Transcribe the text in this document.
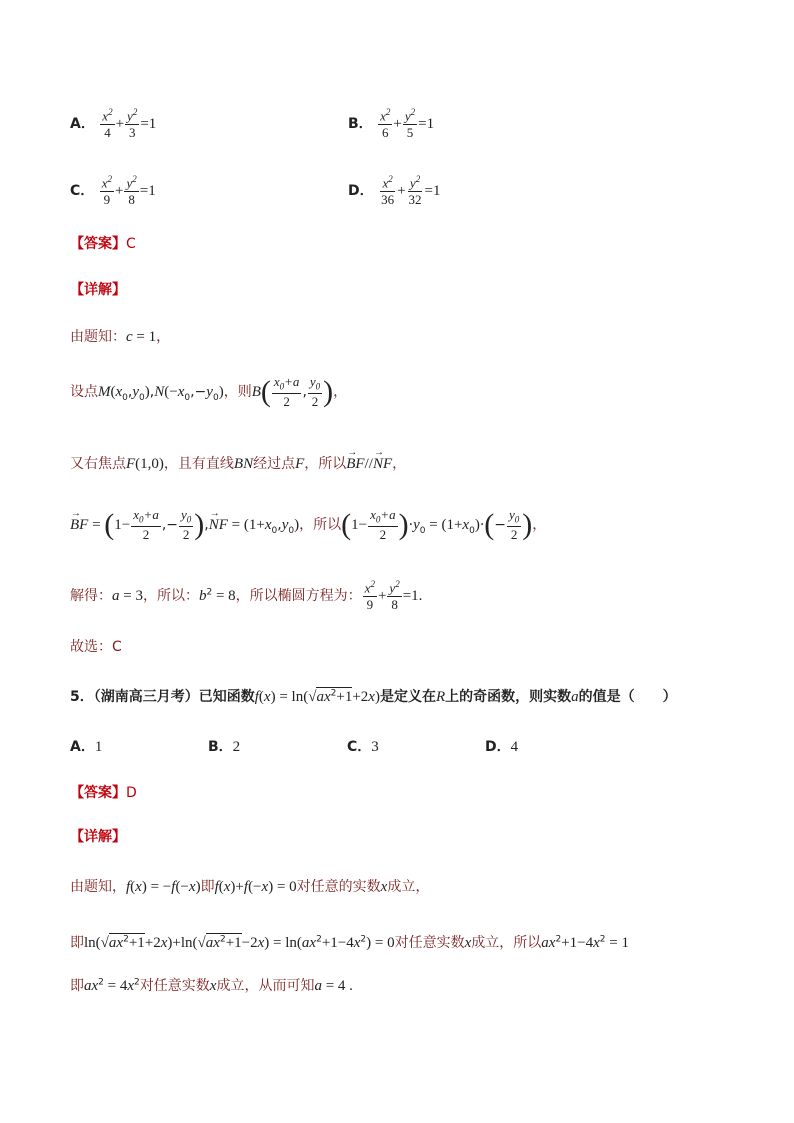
A． $\frac{x^2}{4} + \frac{y^2}{3} =1$	B． $\frac{x^2}{6} + \frac{y^2}{5} =1$
C． $\frac{x^2}{9} + \frac{y^2}{8} =1$	D． $\frac{x^2}{36} + \frac{y^2}{32} =1$
【答案】C
【详解】
由题知：c = 1，
设点$M(x_0,y_0),N(-x_0,-y_0)$，则$B( \frac{x_0+a}{2}$ , $\frac{y_0}{2}$ )，
又右焦点F(1,0)，且有直线BN经过点F，所以→ BF//→ NF，
→ BF = ($1- \frac{x_0+a}{2}$ ,− $\frac{y_0}{2}$ ),→ NF = $(1+x_0,y_0)$，所以$(1- \frac{x_0+a}{2} )\cdot y_0 = (1+x_0)\cdot(- \frac{y_0}{2}$ )，
解得：a = 3，所以：$b^2 = 8$，所以椭圆方程为： $\frac{x^2}{9} + \frac{y^2}{8} =1$.
故选：C
5．（湖南高三月考）已知函数$f(x) = \ln(√ax^2+1+2x)$是定义在R上的奇函数，则实数a的值是（　　）
A．1	B．2	C．3	D．4
【答案】D
【详解】
由题知，f(x) = −f(−x)即f(x)+f(−x) = 0对任意的实数x成立，
即$\ln(√ax^2+1+2x)+\ln(√ax^2+1-2x) = \ln(ax^2+1-4x^2) = 0$对任意实数x成立，所以$ax^2+1-4x^2 = 1$
即$ax^2 = 4x^2$对任意实数x成立，从而可知a = 4 .
